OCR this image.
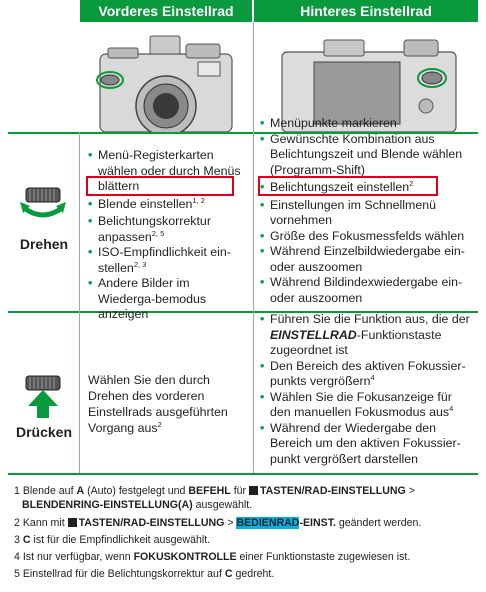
Vorderes Einstellrad	Hinteres Einstellrad
Drehen
• Menü-Registerkarten wählen oder durch Menüs blättern
• Blende einstellen$^{1, 2}$
• Belichtungskorrektur anpassen$^{2, 5}$
• ISO-Empfindlichkeit ein-stellen$^{2, 3}$
• Andere Bilder im Wiederga-bemodus anzeigen
• Menüpunkte markieren
• Gewünschte Kombination aus Belichtungszeit und Blende wählen (Programm-Shift)
• Belichtungszeit einstellen$^2$
• Einstellungen im Schnellmenü vornehmen
• Größe des Fokusmessfelds wählen
• Während Einzelbildwiedergabe ein- oder auszoomen
• Während Bildindexwiedergabe ein- oder auszoomen
Drücken
Wählen Sie den durch Drehen des vorderen Einstellrads ausgeführten Vorgang aus$^2$
• Führen Sie die Funktion aus, die der EINSTELLRAD-Funktionstaste zugeordnet ist
• Den Bereich des aktiven Fokussier-punkts vergrößern$^4$
• Wählen Sie die Fokusanzeige für den manuellen Fokusmodus aus$^4$
• Während der Wiedergabe den Bereich um den aktiven Fokussier-punkt vergrößert darstellen
1 Blende auf A (Auto) festgelegt und BEFEHL für TASTEN/RAD-EINSTELLUNG >
BLENDENRING-EINSTELLUNG(A) ausgewählt.
2 Kann mit TASTEN/RAD-EINSTELLUNG > BEDIENRAD-EINST. geändert werden.
3 C ist für die Empfindlichkeit ausgewählt.
4 Ist nur verfügbar, wenn FOKUSKONTROLLE einer Funktionstaste zugewiesen ist.
5 Einstellrad für die Belichtungskorrektur auf C gedreht.
